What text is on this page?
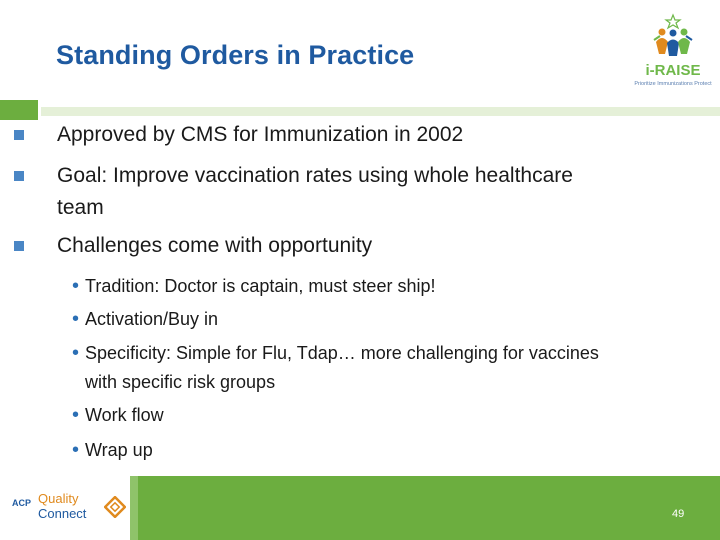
Standing Orders in Practice
i-RAISE
Prioritize Immunizations Protect
Approved by CMS for Immunization in 2002
Goal: Improve vaccination rates using whole healthcare
team
Challenges come with opportunity
• Tradition: Doctor is captain, must steer ship!
• Activation/Buy in
• Specificity: Simple for Flu, Tdap… more challenging for vaccines
with specific risk groups
• Work flow
• Wrap up
ACP Quality
Connect	49
